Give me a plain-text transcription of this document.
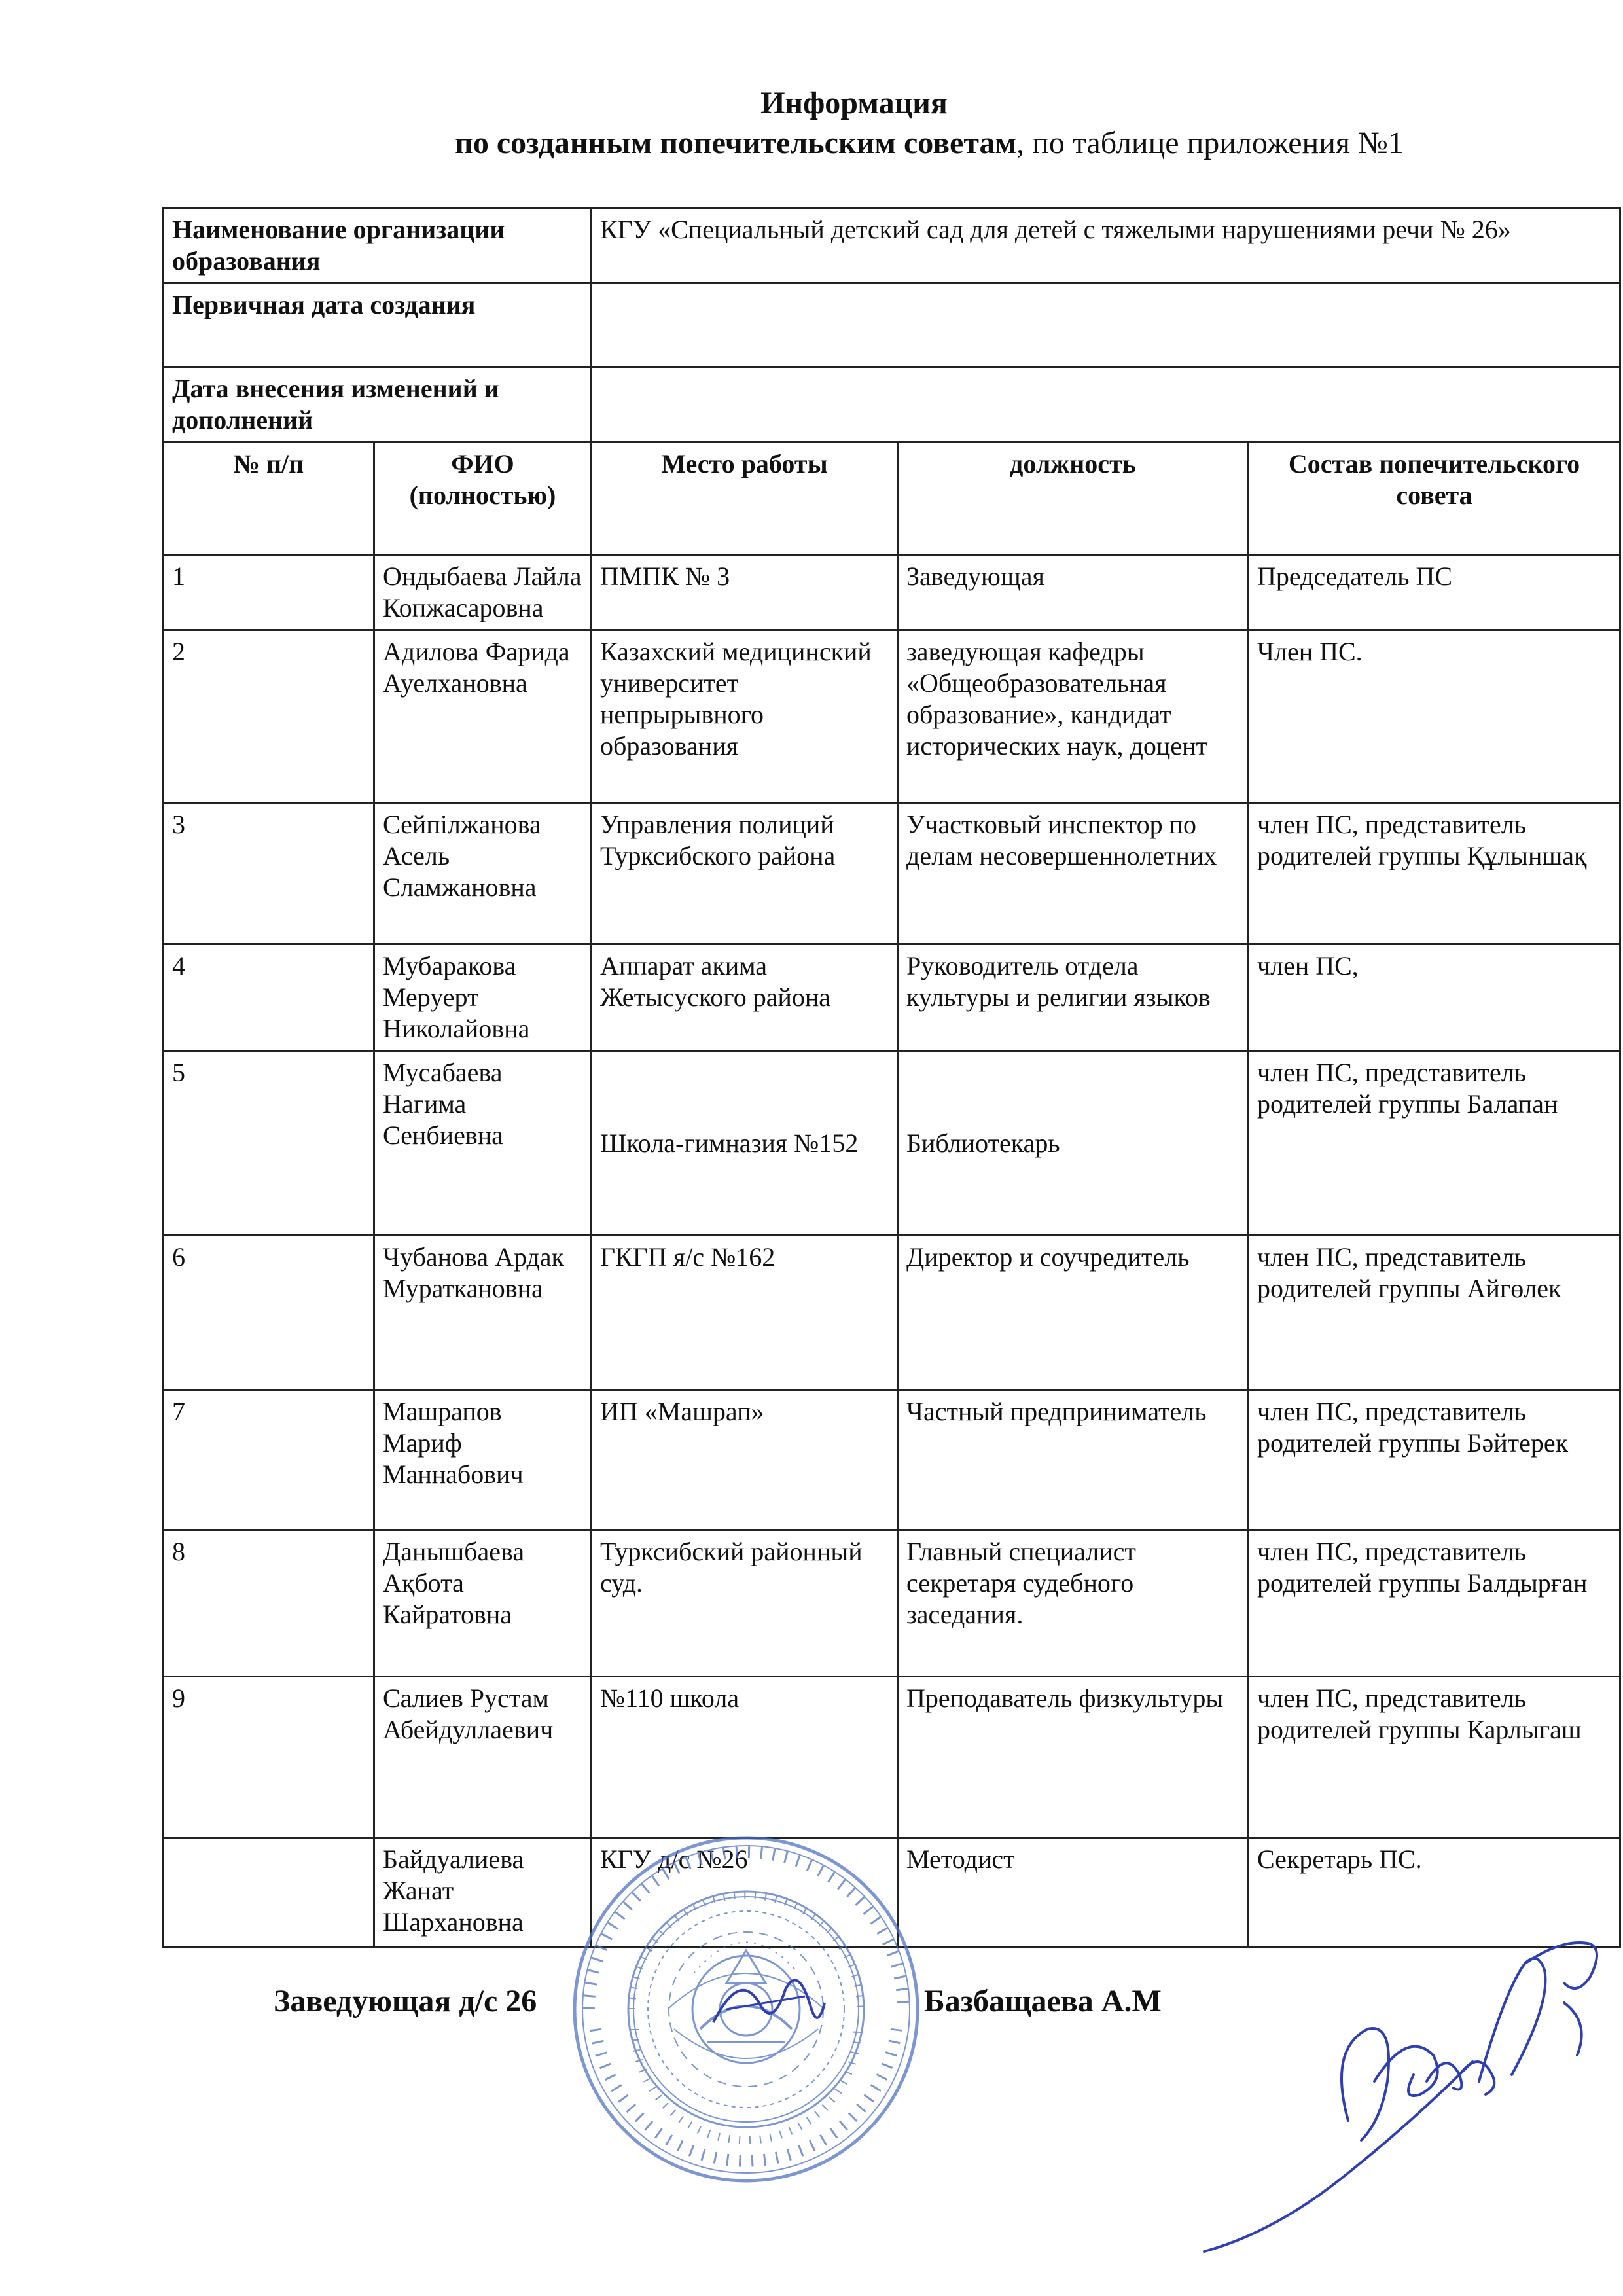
Информация
по созданным попечительским советам, по таблице приложения №1
Наименование организации образования		КГУ «Специальный детский сад для детей с тяжелыми нарушениями речи № 26»		
Первичная дата создания				
Дата внесения изменений и дополнений				
№ п/п	ФИО (полностью)	Место работы	должность	Состав попечительского совета
1	Ондыбаева Лайла Копжасаровна	ПМПК № 3	Заведующая	Председатель ПС
2	Адилова Фарида Ауелхановна	Казахский медицинский университет непрырывного образования	заведующая кафедры «Общеобразовательная образование», кандидат исторических наук, доцент	Член ПС.
3	Сейпілжанова Асель Сламжановна	Управления полиций Турксибского района	Участковый инспектор по делам несовершеннолетних	член ПС, представитель родителей группы Құлыншақ
4	Мубаракова Меруерт Николайовна	Аппарат акима Жетысуского района	Руководитель отдела культуры и религии языков	член ПС,
5	Мусабаева Нагима Сенбиевна	Школа-гимназия №152	Библиотекарь	член ПС, представитель родителей группы Балапан
6	Чубанова Ардак Мураткановна	ГКГП я/с №162	Директор и соучредитель	член ПС, представитель родителей группы Айгөлек
7	Машрапов Мариф Маннабович	ИП «Машрап»	Частный предприниматель	член ПС, представитель родителей группы Бәйтерек
8	Данышбаева Ақбота Кайратовна	Турксибский районный суд.	Главный специалист секретаря судебного заседания.	член ПС, представитель родителей группы Балдырған
9	Салиев Рустам Абейдуллаевич	№110 школа	Преподаватель физкультуры	член ПС, представитель родителей группы Карлыгаш
	Байдуалиева Жанат Шархановна	КГУ д/с №26	Методист	Секретарь ПС.
Заведующая д/с 26	Базбащаева А.М
